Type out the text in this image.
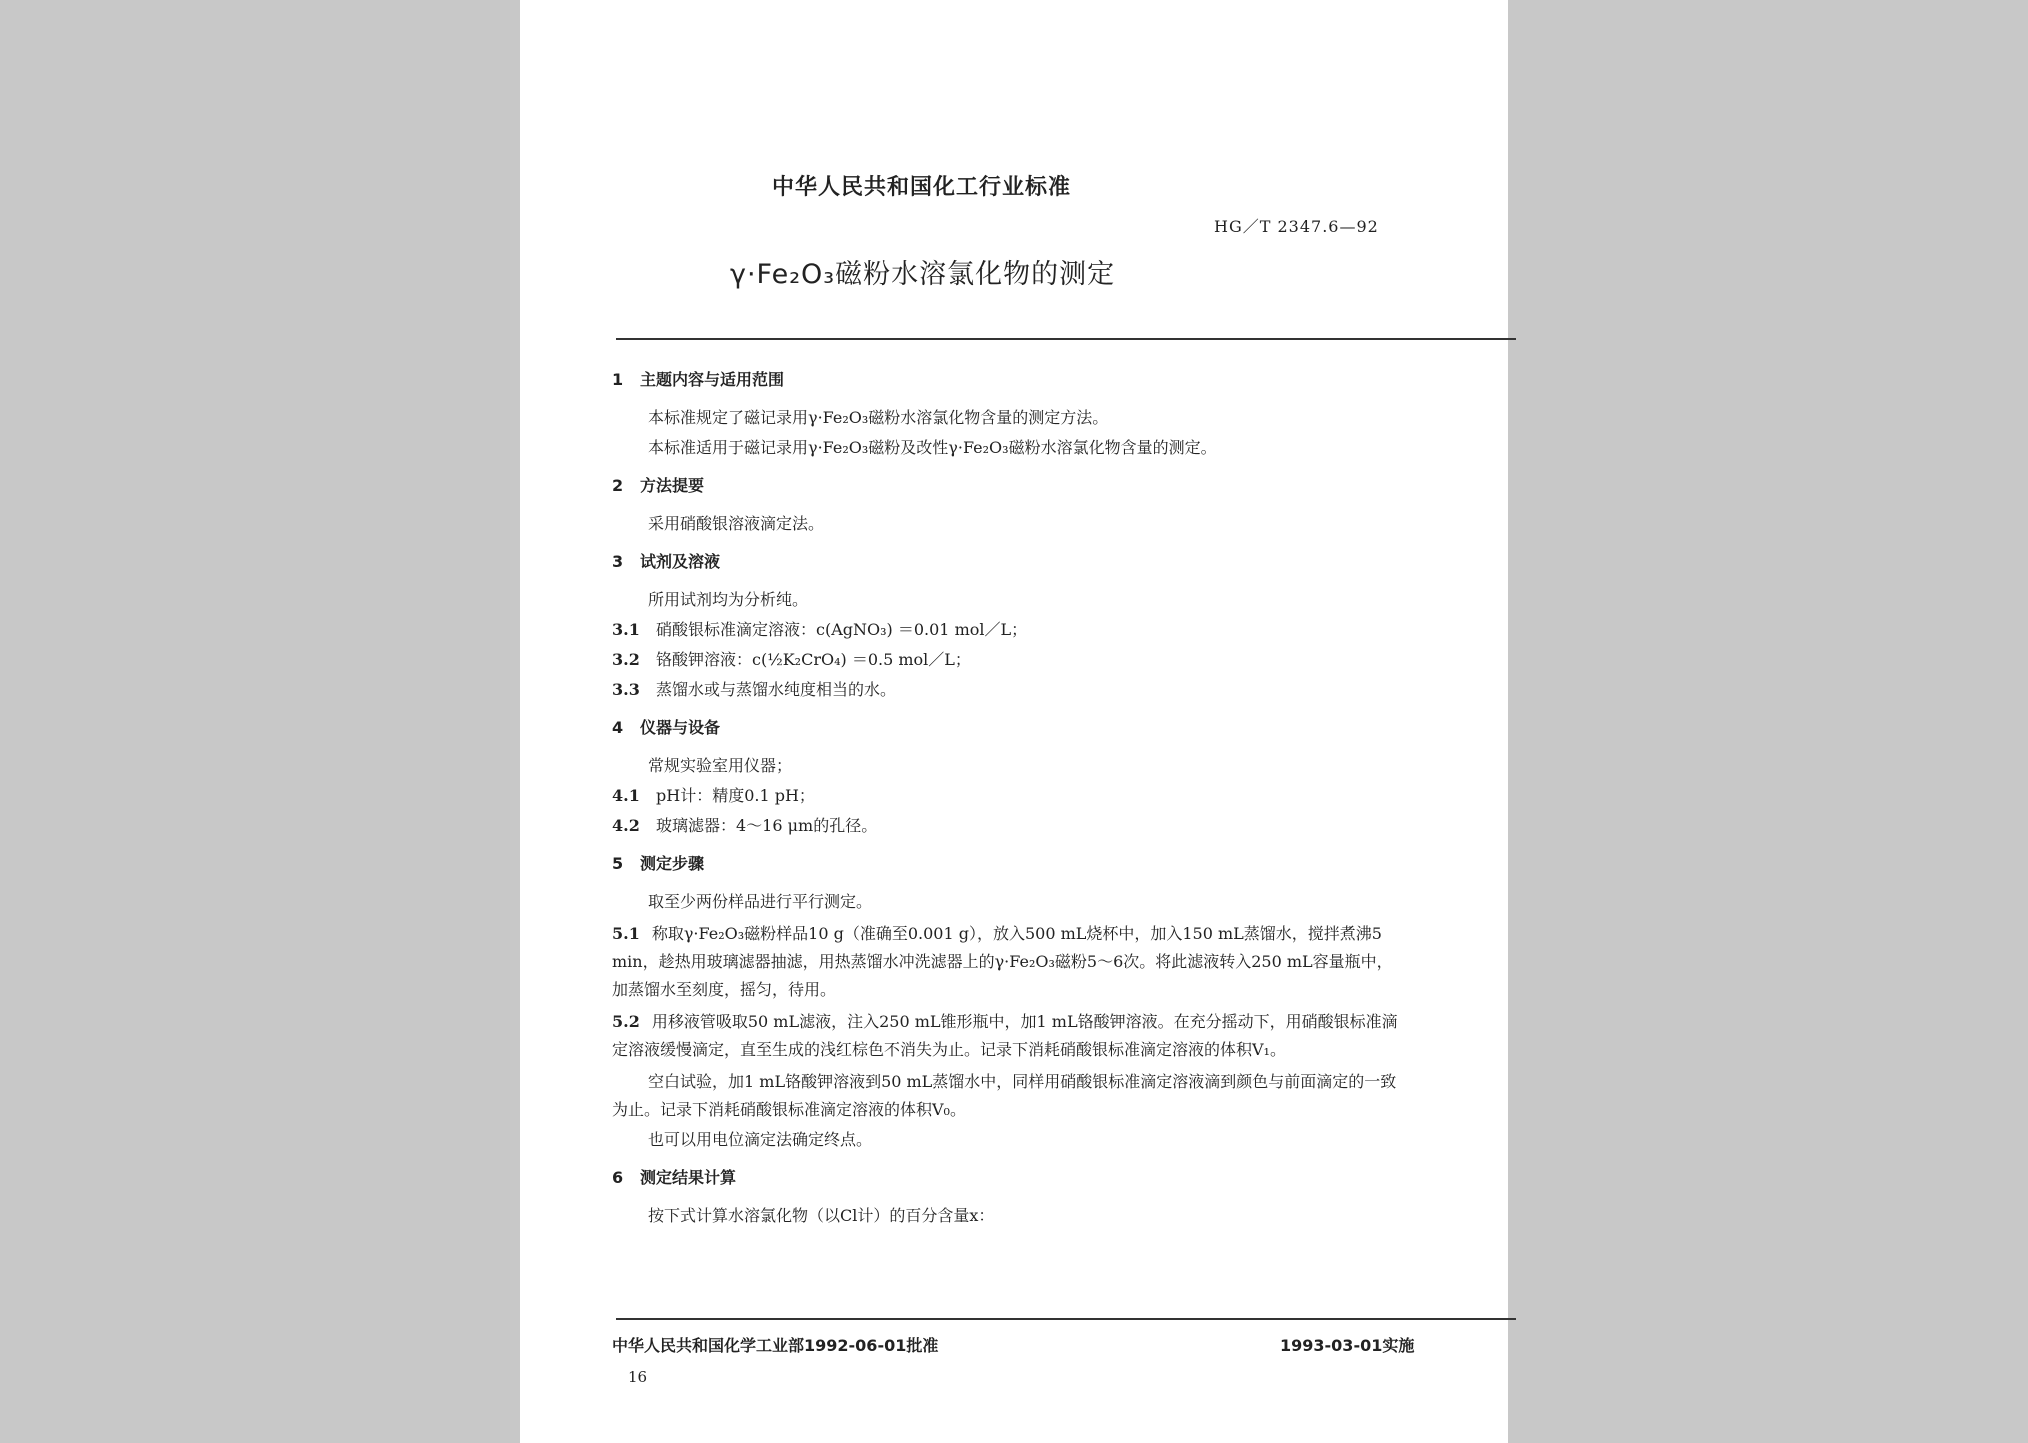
中华人民共和国化工行业标准
HG／T 2347.6—92
γ·Fe₂O₃磁粉水溶氯化物的测定
1 主题内容与适用范围
本标准规定了磁记录用γ·Fe₂O₃磁粉水溶氯化物含量的测定方法。
本标准适用于磁记录用γ·Fe₂O₃磁粉及改性γ·Fe₂O₃磁粉水溶氯化物含量的测定。
2 方法提要
采用硝酸银溶液滴定法。
3 试剂及溶液
所用试剂均为分析纯。
3.1 硝酸银标准滴定溶液：c(AgNO₃) ＝0.01 mol／L；
3.2 铬酸钾溶液：c(½K₂CrO₄) ＝0.5 mol／L；
3.3 蒸馏水或与蒸馏水纯度相当的水。
4 仪器与设备
常规实验室用仪器；
4.1 pH计：精度0.1 pH；
4.2 玻璃滤器：4～16 μm的孔径。
5 测定步骤
取至少两份样品进行平行测定。
5.1 称取γ·Fe₂O₃磁粉样品10 g（准确至0.001 g），放入500 mL烧杯中，加入150 mL蒸馏水，搅拌煮沸5 min，趁热用玻璃滤器抽滤，用热蒸馏水冲洗滤器上的γ·Fe₂O₃磁粉5～6次。将此滤液转入250 mL容量瓶中，加蒸馏水至刻度，摇匀，待用。
5.2 用移液管吸取50 mL滤液，注入250 mL锥形瓶中，加1 mL铬酸钾溶液。在充分摇动下，用硝酸银标准滴定溶液缓慢滴定，直至生成的浅红棕色不消失为止。记录下消耗硝酸银标准滴定溶液的体积V₁。
空白试验，加1 mL铬酸钾溶液到50 mL蒸馏水中，同样用硝酸银标准滴定溶液滴到颜色与前面滴定的一致为止。记录下消耗硝酸银标准滴定溶液的体积V₀。
也可以用电位滴定法确定终点。
6 测定结果计算
按下式计算水溶氯化物（以Cl计）的百分含量x：
中华人民共和国化学工业部1992-06-01批准	1993-03-01实施
16
